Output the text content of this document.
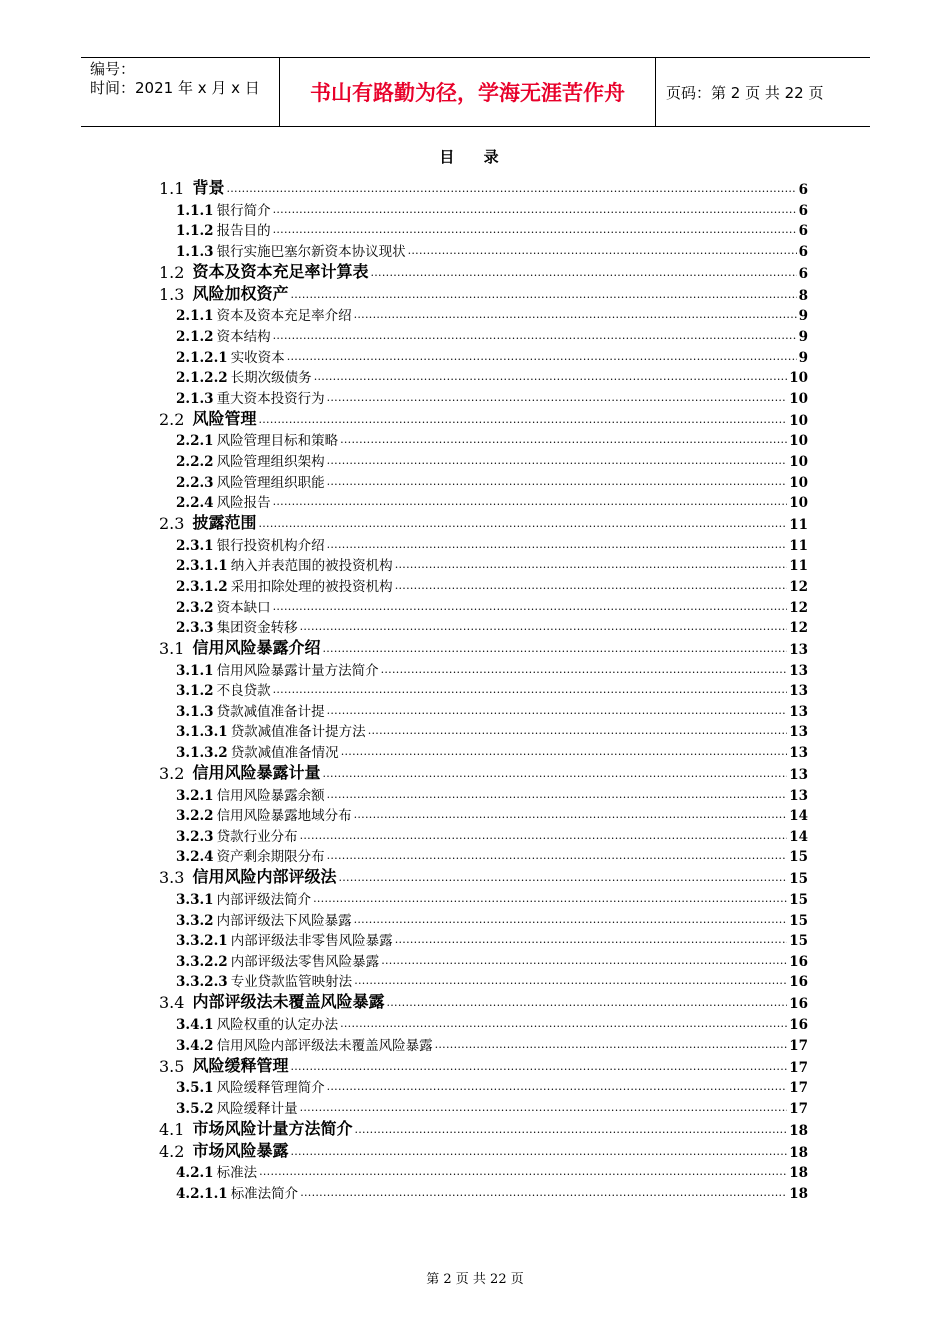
编号：
时间：2021 年 x 月 x 日	书山有路勤为径，学海无涯苦作舟	页码：第 2 页 共 22 页
目 录
1.1 背景 .....	6
1.1.1 银行简介 .....	6
1.1.2 报告目的 .....	6
1.1.3 银行实施巴塞尔新资本协议现状 .....	6
1.2 资本及资本充足率计算表 .....	6
1.3 风险加权资产 .....	8
2.1.1 资本及资本充足率介绍 .....	9
2.1.2 资本结构 .....	9
2.1.2.1 实收资本 .....	9
2.1.2.2 长期次级债务 .....	10
2.1.3 重大资本投资行为 .....	10
2.2 风险管理 .....	10
2.2.1 风险管理目标和策略 .....	10
2.2.2 风险管理组织架构 .....	10
2.2.3 风险管理组织职能 .....	10
2.2.4 风险报告 .....	10
2.3 披露范围 .....	11
2.3.1 银行投资机构介绍 .....	11
2.3.1.1 纳入并表范围的被投资机构 .....	11
2.3.1.2 采用扣除处理的被投资机构 .....	12
2.3.2 资本缺口 .....	12
2.3.3 集团资金转移 .....	12
3.1 信用风险暴露介绍 .....	13
3.1.1 信用风险暴露计量方法简介 .....	13
3.1.2 不良贷款 .....	13
3.1.3 贷款减值准备计提 .....	13
3.1.3.1 贷款减值准备计提方法 .....	13
3.1.3.2 贷款减值准备情况 .....	13
3.2 信用风险暴露计量 .....	13
3.2.1 信用风险暴露余额 .....	13
3.2.2 信用风险暴露地域分布 .....	14
3.2.3 贷款行业分布 .....	14
3.2.4 资产剩余期限分布 .....	15
3.3 信用风险内部评级法 .....	15
3.3.1 内部评级法简介 .....	15
3.3.2 内部评级法下风险暴露 .....	15
3.3.2.1 内部评级法非零售风险暴露 .....	15
3.3.2.2 内部评级法零售风险暴露 .....	16
3.3.2.3 专业贷款监管映射法 .....	16
3.4 内部评级法未覆盖风险暴露 .....	16
3.4.1 风险权重的认定办法 .....	16
3.4.2 信用风险内部评级法未覆盖风险暴露 .....	17
3.5 风险缓释管理 .....	17
3.5.1 风险缓释管理简介 .....	17
3.5.2 风险缓释计量 .....	17
4.1 市场风险计量方法简介 .....	18
4.2 市场风险暴露 .....	18
4.2.1 标准法 .....	18
4.2.1.1 标准法简介 .....	18
第 2 页 共 22 页
